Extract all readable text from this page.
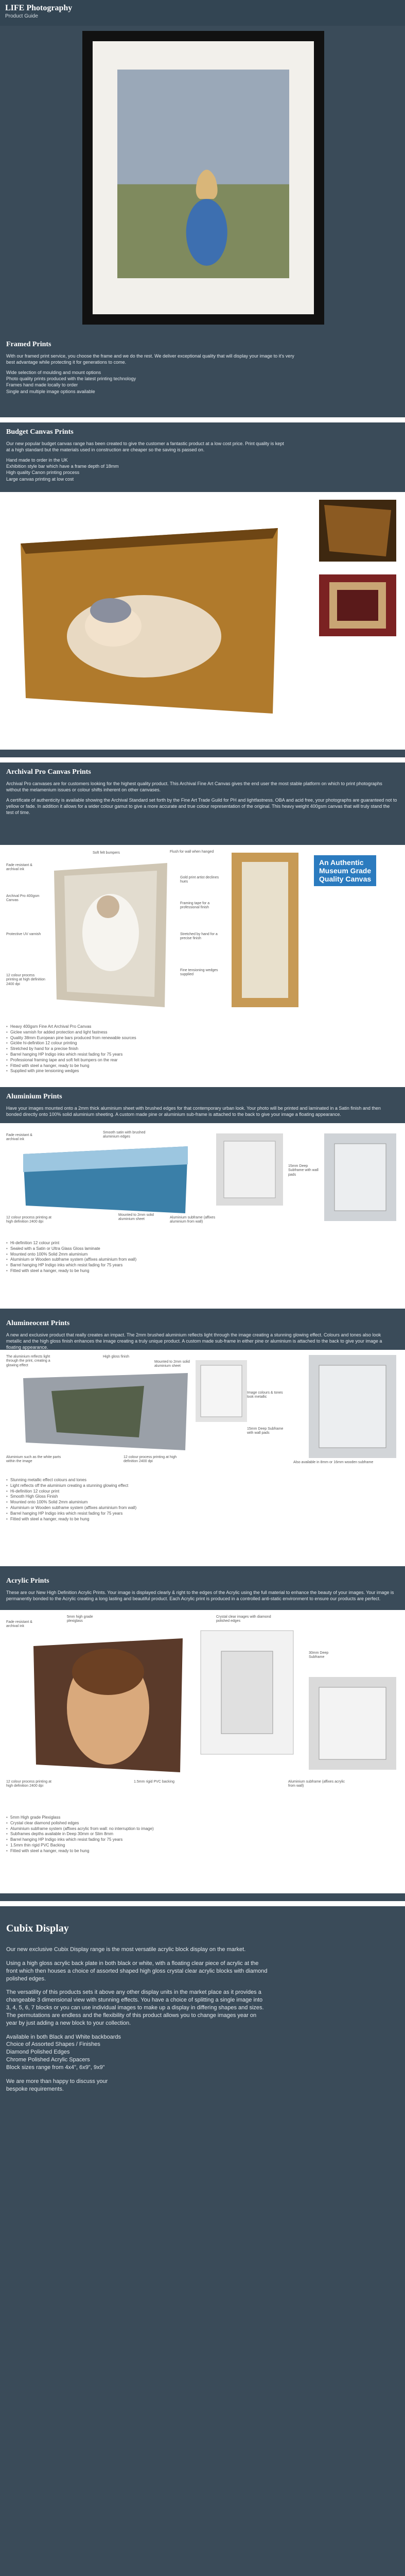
LIFE Photography
Product Guide
Framed Prints

With our framed print service, you choose the frame and we do the rest. We deliver exceptional quality that will display your image to it's very best advantage while protecting it for generations to come.

Wide selection of moulding and mount options
Photo quality prints produced with the latest printing technology
Frames hand made locally to order
Single and multiple image options available
Budget Canvas Prints

Our new popular budget canvas range has been created to give the customer a fantastic product at a low cost price. Print quality is kept at a high standard but the materials used in construction are cheaper so the saving is passed on.

Hand made to order in the UK
Exhibition style bar which have a frame depth of 18mm
High quality Canon printing process
Large canvas printing at low cost
Archival Pro Canvas Prints

Archival Pro canvases are for customers looking for the highest quality product. This Archival Fine Art Canvas gives the end user the most stable platform on which to print photographs without the melamenium issues or colour shifts inherent on other canvases.

A certificate of authenticity is available showing the Archival Standard set forth by the Fine Art Trade Guild for PH and lightfastness. OBA and acid free, your photographs are guaranteed not to yellow or fade. In addition it allows for a wider colour gamut to give a more accurate and true colour representation of the original. This heavy weight 400gsm canvas that will truly stand the test of time.

Fade resistant & archival ink
Archival Pro 400gsm Canvas
Protective UV varnish
12 colour process printing at high definition 2400 dpi
Soft felt bumpers	Flush for wall when hanged
Gold print artist declines hues
Framing tape for a professional finish
Stretched by hand for a precise finish
Fine tensioning wedges supplied
An Authentic
Museum Grade
Quality Canvas
• Heavy 400gsm Fine Art Archival Pro Canvas
• Giclee varnish for added protection and light fastness
• Quality 38mm European pine bars produced from renewable sources
• Giclée hi-definition 12 colour printing
• Stretched by hand for a precise finish
• Barrel hanging HP Indigo inks which resist fading for 75 years
• Professional framing tape and soft felt bumpers on the rear
• Fitted with steel a hanger, ready to be hung
• Supplied with pine tensioning wedges
Aluminium Prints

Have your images mounted onto a 2mm thick aluminium sheet with brushed edges for that contemporary urban look. Your photo will be printed and laminated in a Satin finish and then bonded directly onto 100% solid aluminium sheeting. A custom made pine or aluminium sub-frame is attached to the back to give your image a floating appearance.

Fade resistant & archival ink
Smooth satin with brushed aluminium edges
Mounted to 2mm solid aluminium sheet	Aluminium subframe (affixes aluminium from wall)
12 colour process printing at high definition 2400 dpi
15mm Deep Subframe with wall pads
• Hi-definition 12 colour print
• Sealed with a Satin or Ultra Glass Gloss laminate
• Mounted onto 100% Solid 2mm aluminium
• Aluminium or Wooden subframe system (affixes aluminium from wall)
• Barrel hanging HP Indigo inks which resist fading for 75 years
• Fitted with steel a hanger, ready to be hung
Alumineocent Prints

A new and exclusive product that really creates an impact. The 2mm brushed aluminium reflects light through the image creating a stunning glowing effect. Colours and tones also look metallic and the high gloss finish enhances the image creating a truly unique product. A custom made sub-frame in either pine or aluminium is attached to the back to give your image a floating appearance.

The aluminium reflects light through the print, creating a glowing effect
High gloss finish
Mounted to 2mm solid aluminium sheet
Image colours & tones look metallic
15mm Deep Subframe with wall pads
Aluminium such as the white parts within the image
12 colour process printing at high definition 2400 dpi	Also available in 8mm or 16mm wooden subframe
• Stunning metallic effect colours and tones
• Light reflects off the aluminium creating a stunning glowing effect
• Hi-definition 12 colour print
• Smooth High Gloss Finish
• Mounted onto 100% Solid 2mm aluminium
• Aluminium or Wooden subframe system (affixes aluminium from wall)
• Barrel hanging HP Indigo inks which resist fading for 75 years
• Fitted with steel a hanger, ready to be hung
Acrylic Prints

These are our New High Definition Acrylic Prints. Your image is displayed clearly & right to the edges of the Acrylic using the full material to enhance the beauty of your images. Your image is permanently bonded to the Acrylic creating a long lasting and beautiful product. Each Acrylic print is produced in a controlled anti-static environment to ensure our products are perfect.

Fade resistant & archival ink
5mm high grade plexiglass
Crystal clear images with diamond polished edges
30mm Deep Subframe
12 colour process printing at high definition 2400 dpi
1.5mm rigid PVC backing	Aluminium subframe (affixes acrylic from wall)
• 5mm High grade Plexiglass
• Crystal clear diamond polished edges
• Aluminium subframe system (affixes acrylic from wall: no interruption to image)
• Subframes depths available in Deep 30mm or Slim 8mm
• Barrel hanging HP Indigo inks which resist fading for 75 years
• 1.5mm thin rigid PVC Backing
• Fitted with steel a hanger, ready to be hung
Cubix Display

Our new exclusive Cubix Display range is the most versatile acrylic block display on the market.

Using a high gloss acrylic back plate in both black or white, with a floating clear piece of acrylic at the front which then houses a choice of assorted shaped high gloss crystal clear acrylic blocks with diamond polished edges.

The versatility of this products sets it above any other display units in the market place as it provides a changeable 3 dimensional view with stunning effects. You have a choice of splitting a single image into 3, 4, 5, 6, 7 blocks or you can use individual images to make up a display in differing shapes and sizes. The permutations are endless and the flexibility of this product allows you to change images year on year by just adding a new block to your collection.

Available in both Black and White backboards
Choice of Assorted Shapes / Finishes
Diamond Polished Edges
Chrome Polished Acrylic Spacers
Block sizes range from 4x4", 6x9", 9x9"

We are more than happy to discuss your bespoke requirements.
